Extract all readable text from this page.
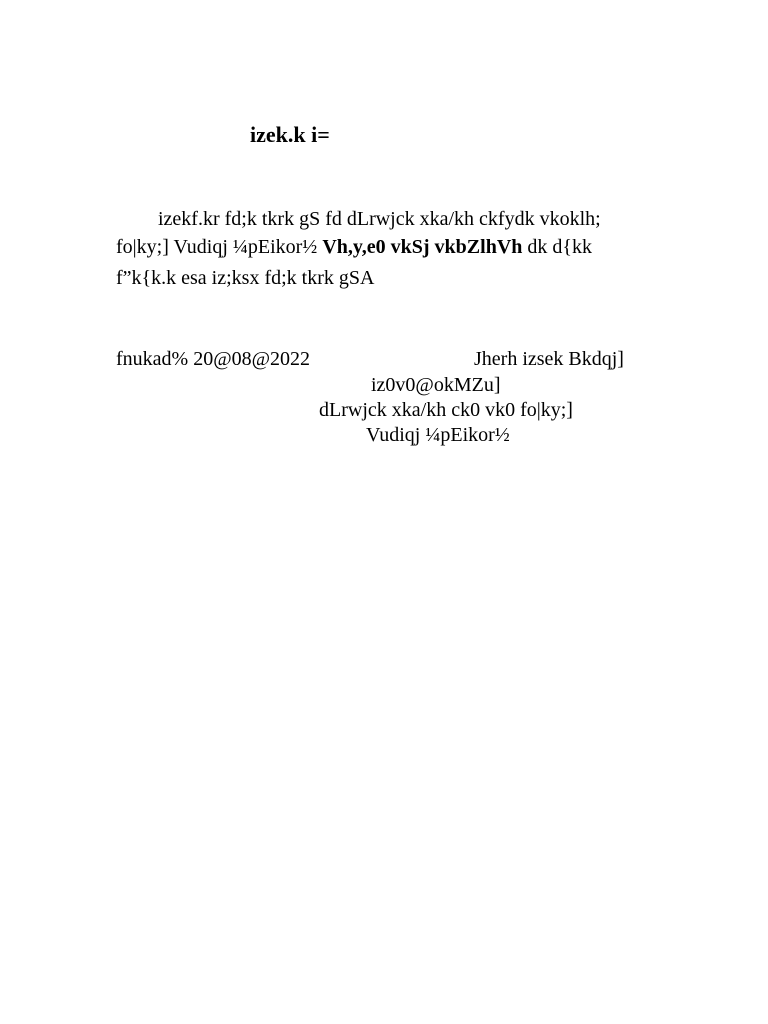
izek.k i=
izekf.kr fd;k tkrk gS fd dLrwjck xka/kh ckfydk vkoklh;
fo|ky;] Vudiqj ¼pEikor½ Vh,y,e0 vkSj vkbZlhVh dk d{kk
f”k{k.k esa iz;ksx fd;k tkrk gSA
fnukad% 20@08@2022	Jherh izsek Bkdqj]
iz0v0@okMZu]
dLrwjck xka/kh ck0 vk0 fo|ky;]
Vudiqj ¼pEikor½
